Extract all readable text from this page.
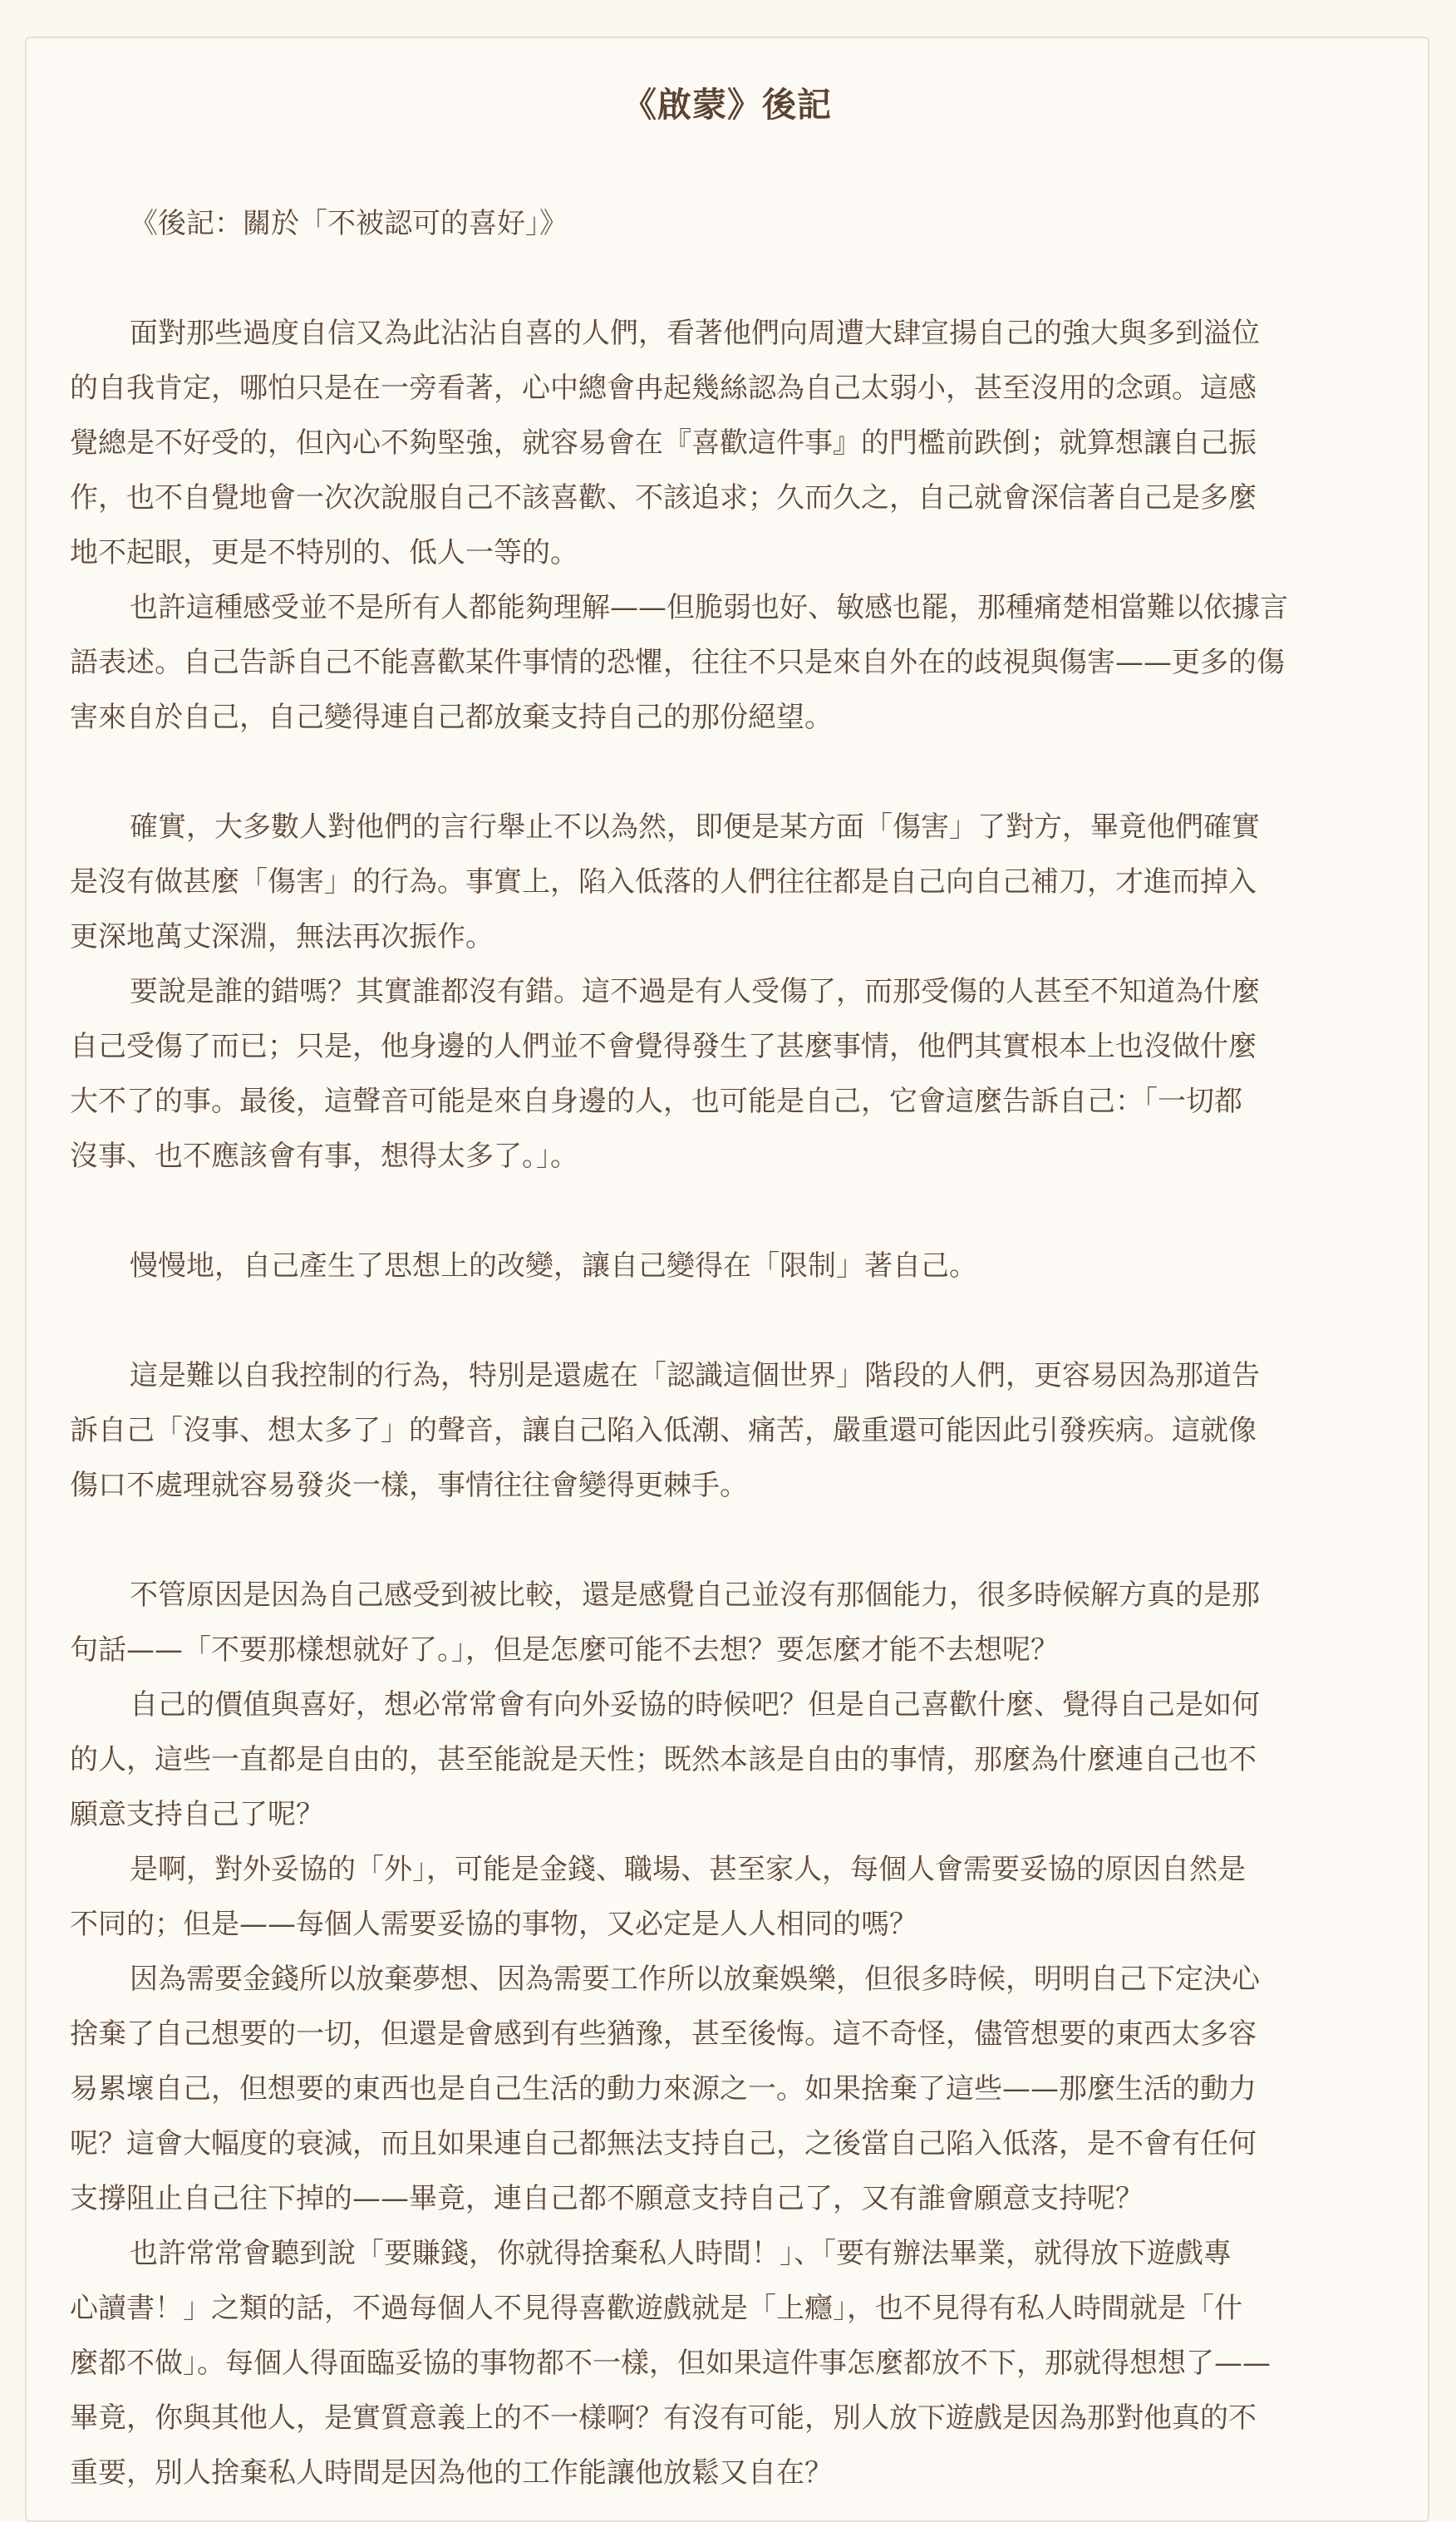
《啟蒙》後記
《後記：關於「不被認可的喜好」》
面對那些過度自信又為此沾沾自喜的人們，看著他們向周遭大肆宣揚自己的強大與多到溢位
的自我肯定，哪怕只是在一旁看著，心中總會冉起幾絲認為自己太弱小，甚至沒用的念頭。這感
覺總是不好受的，但內心不夠堅強，就容易會在『喜歡這件事』的門檻前跌倒；就算想讓自己振
作，也不自覺地會一次次說服自己不該喜歡、不該追求；久而久之，自己就會深信著自己是多麼
地不起眼，更是不特別的、低人一等的。
也許這種感受並不是所有人都能夠理解——但脆弱也好、敏感也罷，那種痛楚相當難以依據言
語表述。自己告訴自己不能喜歡某件事情的恐懼，往往不只是來自外在的歧視與傷害——更多的傷
害來自於自己，自己變得連自己都放棄支持自己的那份絕望。
確實，大多數人對他們的言行舉止不以為然，即便是某方面「傷害」了對方，畢竟他們確實
是沒有做甚麼「傷害」的行為。事實上，陷入低落的人們往往都是自己向自己補刀，才進而掉入
更深地萬丈深淵，無法再次振作。
要說是誰的錯嗎？其實誰都沒有錯。這不過是有人受傷了，而那受傷的人甚至不知道為什麼
自己受傷了而已；只是，他身邊的人們並不會覺得發生了甚麼事情，他們其實根本上也沒做什麼
大不了的事。最後，這聲音可能是來自身邊的人，也可能是自己，它會這麼告訴自己：「一切都
沒事、也不應該會有事，想得太多了。」。
慢慢地，自己產生了思想上的改變，讓自己變得在「限制」著自己。
這是難以自我控制的行為，特別是還處在「認識這個世界」階段的人們，更容易因為那道告
訴自己「沒事、想太多了」的聲音，讓自己陷入低潮、痛苦，嚴重還可能因此引發疾病。這就像
傷口不處理就容易發炎一樣，事情往往會變得更棘手。
不管原因是因為自己感受到被比較，還是感覺自己並沒有那個能力，很多時候解方真的是那
句話——「不要那樣想就好了。」，但是怎麼可能不去想？要怎麼才能不去想呢？
自己的價值與喜好，想必常常會有向外妥協的時候吧？但是自己喜歡什麼、覺得自己是如何
的人，這些一直都是自由的，甚至能說是天性；既然本該是自由的事情，那麼為什麼連自己也不
願意支持自己了呢？
是啊，對外妥協的「外」，可能是金錢、職場、甚至家人，每個人會需要妥協的原因自然是
不同的；但是——每個人需要妥協的事物，又必定是人人相同的嗎？
因為需要金錢所以放棄夢想、因為需要工作所以放棄娛樂，但很多時候，明明自己下定決心
捨棄了自己想要的一切，但還是會感到有些猶豫，甚至後悔。這不奇怪，儘管想要的東西太多容
易累壞自己，但想要的東西也是自己生活的動力來源之一。如果捨棄了這些——那麼生活的動力
呢？這會大幅度的衰減，而且如果連自己都無法支持自己，之後當自己陷入低落，是不會有任何
支撐阻止自己往下掉的——畢竟，連自己都不願意支持自己了，又有誰會願意支持呢？
也許常常會聽到說「要賺錢，你就得捨棄私人時間！」、「要有辦法畢業，就得放下遊戲專
心讀書！」之類的話，不過每個人不見得喜歡遊戲就是「上癮」，也不見得有私人時間就是「什
麼都不做」。每個人得面臨妥協的事物都不一樣，但如果這件事怎麼都放不下，那就得想想了——
畢竟，你與其他人，是實質意義上的不一樣啊？有沒有可能，別人放下遊戲是因為那對他真的不
重要，別人捨棄私人時間是因為他的工作能讓他放鬆又自在？
